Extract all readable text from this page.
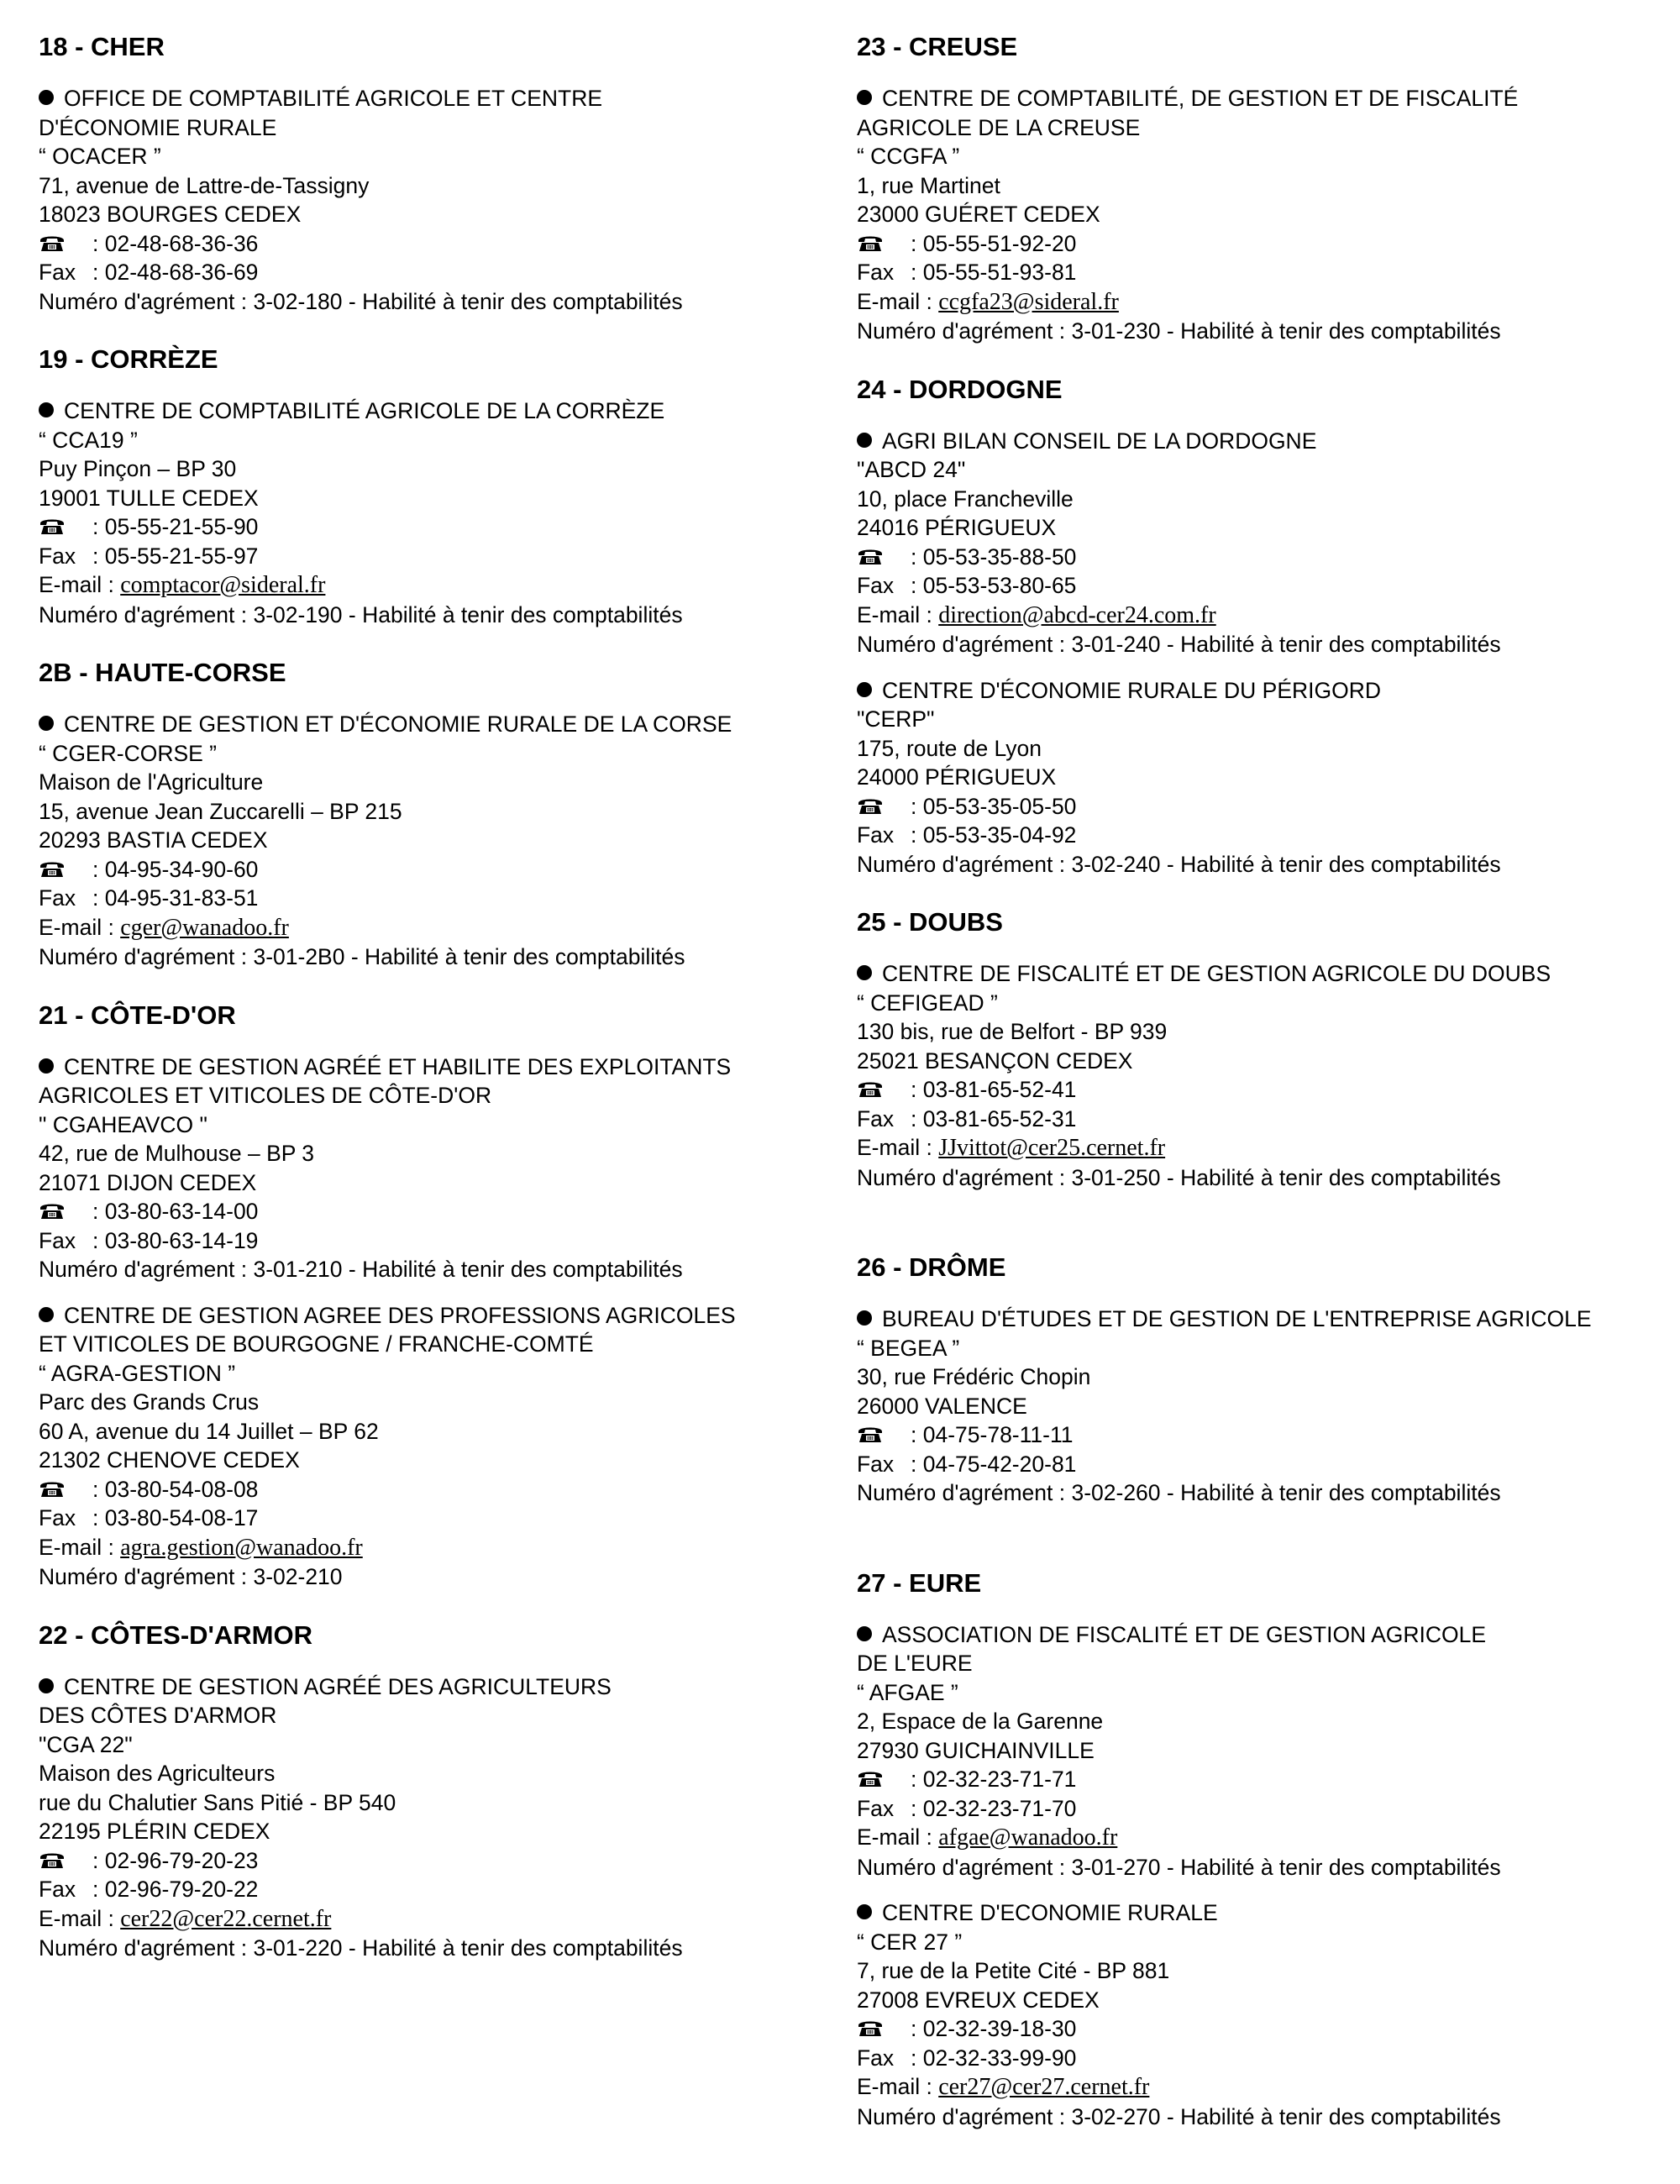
18 - CHER
OFFICE DE COMPTABILITÉ AGRICOLE ET CENTRE
D'ÉCONOMIE RURALE
“ OCACER ”
71, avenue de Lattre-de-Tassigny
18023 BOURGES CEDEX
: 02-48-68-36-36
Fax : 02-48-68-36-69
Numéro d'agrément : 3-02-180 - Habilité à tenir des comptabilités
19 - CORRÈZE
CENTRE DE COMPTABILITÉ AGRICOLE DE LA CORRÈZE
“ CCA19 ”
Puy Pinçon – BP 30
19001 TULLE CEDEX
: 05-55-21-55-90
Fax : 05-55-21-55-97
E-mail : comptacor@sideral.fr
Numéro d'agrément : 3-02-190 - Habilité à tenir des comptabilités
2B - HAUTE-CORSE
CENTRE DE GESTION ET D'ÉCONOMIE RURALE DE LA CORSE
“ CGER-CORSE ”
Maison de l'Agriculture
15, avenue Jean Zuccarelli – BP 215
20293 BASTIA CEDEX
: 04-95-34-90-60
Fax : 04-95-31-83-51
E-mail : cger@wanadoo.fr
Numéro d'agrément : 3-01-2B0 - Habilité à tenir des comptabilités
21 - CÔTE-D'OR
CENTRE DE GESTION AGRÉÉ ET HABILITE DES EXPLOITANTS
AGRICOLES ET VITICOLES DE CÔTE-D'OR
" CGAHEAVCO "
42, rue de Mulhouse – BP 3
21071 DIJON CEDEX
: 03-80-63-14-00
Fax : 03-80-63-14-19
Numéro d'agrément : 3-01-210 - Habilité à tenir des comptabilités
CENTRE DE GESTION AGREE DES PROFESSIONS AGRICOLES
ET VITICOLES DE BOURGOGNE / FRANCHE-COMTÉ
“ AGRA-GESTION ”
Parc des Grands Crus
60 A, avenue du 14 Juillet – BP 62
21302 CHENOVE CEDEX
: 03-80-54-08-08
Fax : 03-80-54-08-17
E-mail : agra.gestion@wanadoo.fr
Numéro d'agrément : 3-02-210
22 - CÔTES-D'ARMOR
CENTRE DE GESTION AGRÉÉ DES AGRICULTEURS
DES CÔTES D'ARMOR
"CGA 22"
Maison des Agriculteurs
rue du Chalutier Sans Pitié - BP 540
22195 PLÉRIN CEDEX
: 02-96-79-20-23
Fax : 02-96-79-20-22
E-mail : cer22@cer22.cernet.fr
Numéro d'agrément : 3-01-220 - Habilité à tenir des comptabilités
23 - CREUSE
CENTRE DE COMPTABILITÉ, DE GESTION ET DE FISCALITÉ
AGRICOLE DE LA CREUSE
“ CCGFA ”
1, rue Martinet
23000 GUÉRET CEDEX
: 05-55-51-92-20
Fax : 05-55-51-93-81
E-mail : ccgfa23@sideral.fr
Numéro d'agrément : 3-01-230 - Habilité à tenir des comptabilités
24 - DORDOGNE
AGRI BILAN CONSEIL DE LA DORDOGNE
"ABCD 24"
10, place Francheville
24016 PÉRIGUEUX
: 05-53-35-88-50
Fax : 05-53-53-80-65
E-mail : direction@abcd-cer24.com.fr
Numéro d'agrément : 3-01-240 - Habilité à tenir des comptabilités
CENTRE D'ÉCONOMIE RURALE DU PÉRIGORD
"CERP"
175, route de Lyon
24000 PÉRIGUEUX
: 05-53-35-05-50
Fax : 05-53-35-04-92
Numéro d'agrément : 3-02-240 - Habilité à tenir des comptabilités
25 - DOUBS
CENTRE DE FISCALITÉ ET DE GESTION AGRICOLE DU DOUBS
“ CEFIGEAD ”
130 bis, rue de Belfort - BP 939
25021 BESANÇON CEDEX
: 03-81-65-52-41
Fax : 03-81-65-52-31
E-mail : JJvittot@cer25.cernet.fr
Numéro d'agrément : 3-01-250 - Habilité à tenir des comptabilités
26 - DRÔME
BUREAU D'ÉTUDES ET DE GESTION DE L'ENTREPRISE AGRICOLE
“ BEGEA ”
30, rue Frédéric Chopin
26000 VALENCE
: 04-75-78-11-11
Fax : 04-75-42-20-81
Numéro d'agrément : 3-02-260 - Habilité à tenir des comptabilités
27 - EURE
ASSOCIATION DE FISCALITÉ ET DE GESTION AGRICOLE
DE L'EURE
“ AFGAE ”
2, Espace de la Garenne
27930 GUICHAINVILLE
: 02-32-23-71-71
Fax : 02-32-23-71-70
E-mail : afgae@wanadoo.fr
Numéro d'agrément : 3-01-270 - Habilité à tenir des comptabilités
CENTRE D'ECONOMIE RURALE
“ CER 27 ”
7, rue de la Petite Cité - BP 881
27008 EVREUX CEDEX
: 02-32-39-18-30
Fax : 02-32-33-99-90
E-mail : cer27@cer27.cernet.fr
Numéro d'agrément : 3-02-270 - Habilité à tenir des comptabilités
